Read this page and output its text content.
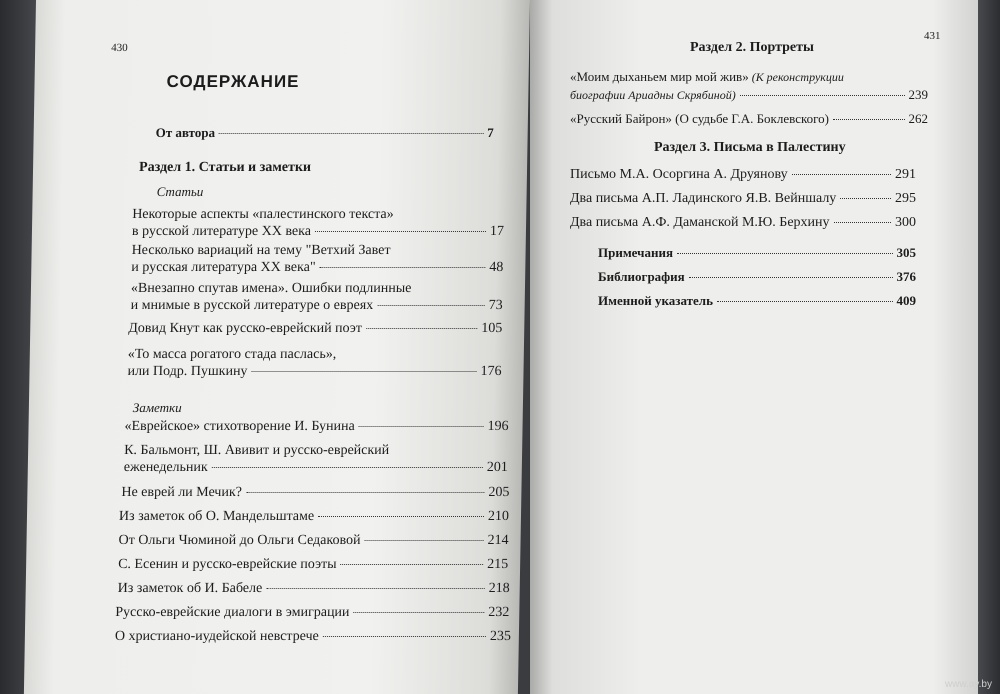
430
СОДЕРЖАНИЕ
От автора	7
Раздел 1. Статьи и заметки
Статьи
Некоторые аспекты «палестинского текста»
в русской литературе XX века	17
Несколько вариаций на тему "Ветхий Завет
и русская литература XX века"	48
«Внезапно спутав имена». Ошибки подлинные
и мнимые в русской литературе о евреях	73
Довид Кнут как русско-еврейский поэт	105
«То масса рогатого стада паслась»,
или Подр. Пушкину	176
Заметки
«Еврейское» стихотворение И. Бунина	196
К. Бальмонт, Ш. Авивит и русско-еврейский
еженедельник	201
Не еврей ли Мечик?	205
Из заметок об О. Мандельштаме	210
От Ольги Чюминой до Ольги Седаковой	214
С. Есенин и русско-еврейские поэты	215
Из заметок об И. Бабеле	218
Русско-еврейские диалоги в эмиграции	232
О христиано-иудейской невстрече	235
431
Раздел 2. Портреты
«Моим дыханьем мир мой жив» (К реконструкции
биографии Ариадны Скрябиной)	239
«Русский Байрон» (О судьбе Г.А. Боклевского)	262
Раздел 3. Письма в Палестину
Письмо М.А. Осоргина А. Друянову	291
Два письма А.П. Ладинского Я.В. Вейншалу	295
Два письма А.Ф. Даманской М.Ю. Берхину	300
Примечания	305
Библиография	376
Именной указатель	409
www.ay.by
